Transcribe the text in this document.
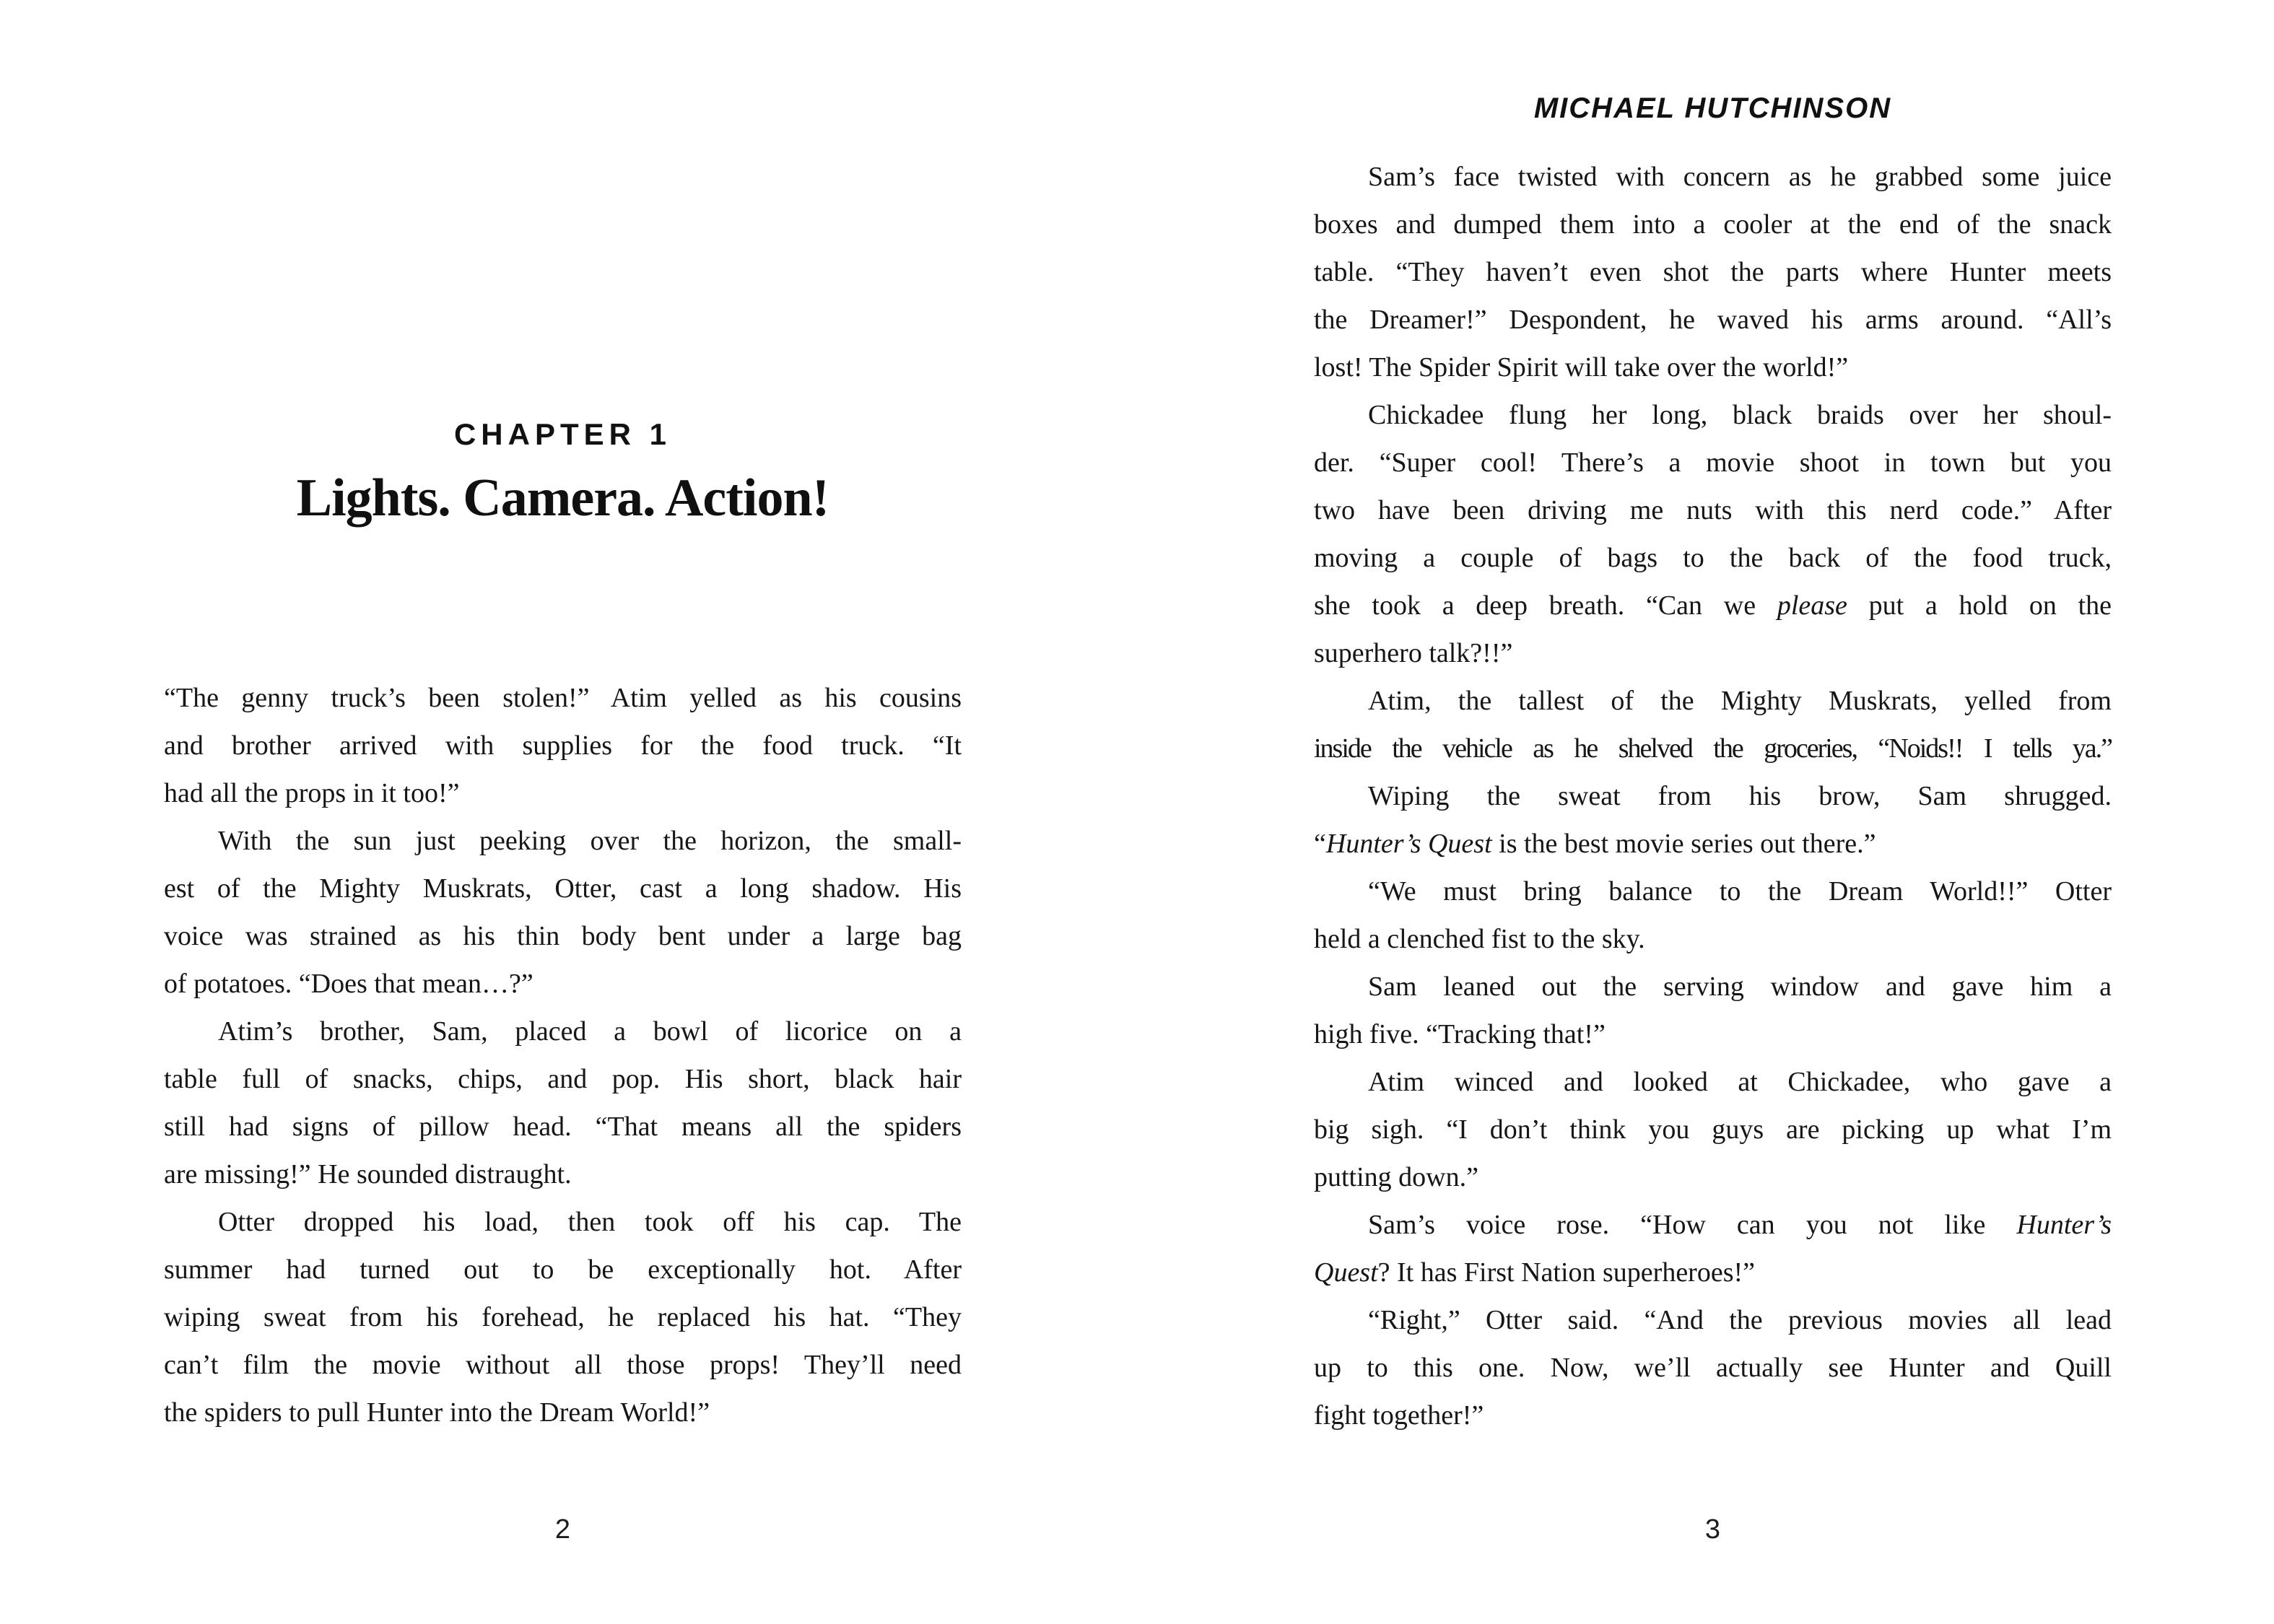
CHAPTER 1
Lights. Camera. Action!
“The genny truck’s been stolen!” Atim yelled as his cousins
and brother arrived with supplies for the food truck. “It
had all the props in it too!”
With the sun just peeking over the horizon, the small-
est of the Mighty Muskrats, Otter, cast a long shadow. His
voice was strained as his thin body bent under a large bag
of potatoes. “Does that mean…?”
Atim’s brother, Sam, placed a bowl of licorice on a
table full of snacks, chips, and pop. His short, black hair
still had signs of pillow head. “That means all the spiders
are missing!” He sounded distraught.
Otter dropped his load, then took off his cap. The
summer had turned out to be exceptionally hot. After
wiping sweat from his forehead, he replaced his hat. “They
can’t film the movie without all those props! They’ll need
the spiders to pull Hunter into the Dream World!”
2
MICHAEL HUTCHINSON
Sam’s face twisted with concern as he grabbed some juice
boxes and dumped them into a cooler at the end of the snack
table. “They haven’t even shot the parts where Hunter meets
the Dreamer!” Despondent, he waved his arms around. “All’s
lost! The Spider Spirit will take over the world!”
Chickadee flung her long, black braids over her shoul-
der. “Super cool! There’s a movie shoot in town but you
two have been driving me nuts with this nerd code.” After
moving a couple of bags to the back of the food truck,
she took a deep breath. “Can we please put a hold on the
superhero talk?!!”
Atim, the tallest of the Mighty Muskrats, yelled from
inside the vehicle as he shelved the groceries, “Noids!! I tells ya.”
Wiping the sweat from his brow, Sam shrugged.
“Hunter’s Quest is the best movie series out there.”
“We must bring balance to the Dream World!!” Otter
held a clenched fist to the sky.
Sam leaned out the serving window and gave him a
high five. “Tracking that!”
Atim winced and looked at Chickadee, who gave a
big sigh. “I don’t think you guys are picking up what I’m
putting down.”
Sam’s voice rose. “How can you not like Hunter’s
Quest? It has First Nation superheroes!”
“Right,” Otter said. “And the previous movies all lead
up to this one. Now, we’ll actually see Hunter and Quill
fight together!”
3
